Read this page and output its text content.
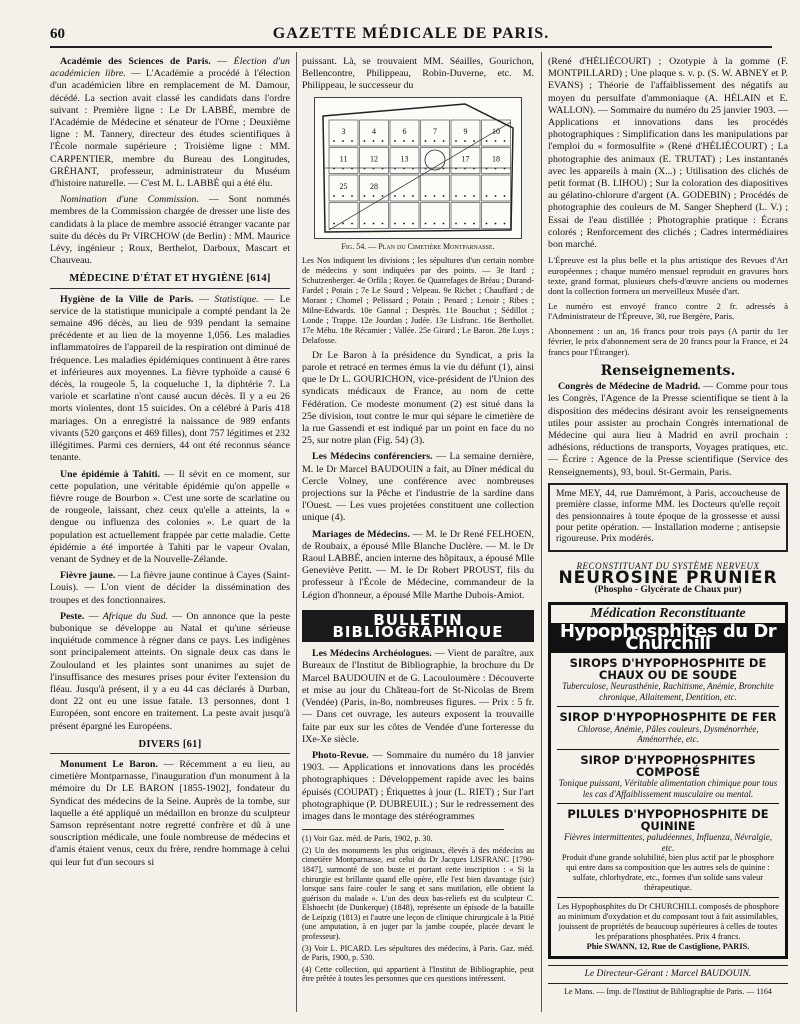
60	GAZETTE MÉDICALE DE PARIS.

Académie des Sciences de Paris. — Élection d'un académicien libre. — L'Académie a procédé à l'élection d'un académicien libre en remplacement de M. Damour, décédé. La section avait classé les candidats dans l'ordre suivant : Première ligne : Le Dr LABBÉ, membre de l'Académie de Médecine et sénateur de l'Orne ; Deuxième ligne : M. Tannery, directeur des études scientifiques à l'École normale supérieure ; Troisième ligne : MM. CARPENTIER, membre du Bureau des Longitudes, GRÉHANT, professeur, administrateur du Muséum d'histoire naturelle. — C'est M. L. LABBÉ qui a été élu.

Nomination d'une Commission. — Sont nommés membres de la Commission chargée de dresser une liste des candidats à la place de membre associé étranger vacante par suite du décès du Pr VIRCHOW (de Berlin) : MM. Maurice Lévy, ingénieur ; Roux, Berthelot, Darboux, Mascart et Chauveau.

MÉDECINE D'ÉTAT ET HYGIÈNE [614]

Hygiène de la Ville de Paris. — Statistique. — Le service de la statistique municipale a compté pendant la 2e semaine 496 décès, au lieu de 939 pendant la semaine précédente et au lieu de la moyenne 1,056. Les maladies inflammatoires de l'appareil de la respiration ont diminué de fréquence. Les maladies épidémiques continuent à être rares et inférieures aux moyennes. La fièvre typhoïde a causé 6 décès, la rougeole 5, la coqueluche 1, la diphtérie 7. La variole et scarlatine n'ont causé aucun décès. Il y a eu 26 morts violentes, dont 15 suicides. On a célébré à Paris 418 mariages. On a enregistré la naissance de 989 enfants vivants (520 garçons et 469 filles), dont 757 légitimes et 232 illégitimes. Parmi ces derniers, 44 ont été reconnus séance tenante.

Une épidémie à Tahiti. — Il sévit en ce moment, sur cette population, une véritable épidémie qu'on appelle « fièvre rouge de Bourbon ». C'est une sorte de scarlatine ou de rougeole, laissant, chez ceux qu'elle a atteints, la « dengue ou influenza des colonies ». Le quart de la population est actuellement frappée par cette maladie. Cette épidémie a été importée à Tahiti par le vapeur Ovalan, venant de Sydney et de la Nouvelle-Zélande.

Fièvre jaune. — La fièvre jaune continue à Cayes (Saint-Louis). — L'on vient de décider la dissémination des troupes et des fonctionnaires.

Peste. — Afrique du Sud. — On annonce que la peste bubonique se développe au Natal et qu'une sérieuse inquiétude commence à régner dans ce pays. Les indigènes sont principalement atteints. On signale deux cas dans le Zoulouland et les plaintes sont unanimes au sujet de l'insuffisance des mesures prises pour éviter l'extension du fléau. Jusqu'à présent, il y a eu 44 cas déclarés à Durban, dont 22 ont eu une issue fatale. 13 personnes, dont 1 Européen, sont encore en traitement. La peste avait jusqu'à présent épargné les Européens.

DIVERS [61]

Monument Le Baron. — Récemment a eu lieu, au cimetière Montparnasse, l'inauguration d'un monument à la mémoire du Dr LE BARON [1855-1902], fondateur du Syndicat des médecins de la Seine. Auprès de la tombe, sur laquelle a été appliqué un médaillon en bronze du sculpteur Samson représentant notre regretté confrère et dû à une souscription médicale, une foule nombreuse de médecins et d'amis étaient venus, ceux du frère, rendre hommage à celui qui leur fut d'un secours si

puissant. Là, se trouvaient MM. Séailles, Gourichon, Bellencontre, Philippeau, Robin-Duverne, etc. M. Philippeau, le successeur du

3	4	6	7	9	10
11	12	13	17	18
25	28
Fig. 54. — Plan du Cimetière Montparnasse.

Les Nos indiquent les divisions ; les sépultures d'un certain nombre de médecins y sont indiquées par des points. — 3e Itard ; Schutzenberger. 4e Orfila ; Royer. 6e Quatrefages de Bréau ; Durand-Fardel ; Potain ; 7e Le Sourd ; Velpeau. 9e Richet ; Chauffard ; de Morant ; Chomel ; Pelissard ; Potain ; Penard ; Lenoir ; Ribes ; Milne-Edwards. 10e Gannal ; Desprès. 11e Bouchut ; Sédillot ; Londe ; Trappe. 12e Jourdan ; Judée. 13e Lisfranc. 16e Berthollet. 17e Méhu. 18e Récamier ; Vallée. 25e Girard ; Le Baron. 28e Luys ; Delafosse.

Dr Le Baron à la présidence du Syndicat, a pris la parole et retracé en termes émus la vie du défunt (1), ainsi que le Dr L. GOURICHON, vice-président de l'Union des syndicats médicaux de France, au nom de cette Fédération. Ce modeste monument (2) est situé dans la 25e division, tout contre le mur qui sépare le cimetière de la rue Gassendi et est indiqué par un point en face du no 25, sur notre plan (Fig. 54) (3).

Les Médecins conférenciers. — La semaine dernière, M. le Dr Marcel BAUDOUIN a fait, au Dîner médical du Cercle Volney, une conférence avec nombreuses projections sur la Pêche et l'industrie de la sardine dans l'Ouest. — Les vues projetées constituent une collection unique (4).

Mariages de Médecins. — M. le Dr René FELHOEN, de Roubaix, a épousé Mlle Blanche Duclère. — M. le Dr Raoul LABBÉ, ancien interne des hôpitaux, a épousé Mlle Geneviève Petitt. — M. le Dr Robert PROUST, fils du professeur à l'École de Médecine, commandeur de la Légion d'honneur, a épousé Mlle Marthe Dubois-Amiot.

BULLETIN BIBLIOGRAPHIQUE

Les Médecins Archéologues. — Vient de paraître, aux Bureaux de l'Institut de Bibliographie, la brochure du Dr Marcel BAUDOUIN et de G. Lacouloumère : Découverte et mise au jour du Château-fort de St-Nicolas de Brem (Vendée) (Paris, in-8o, nombreuses figures. — Prix : 5 fr. — Dans cet ouvrage, les auteurs exposent la trouvaille faite par eux sur les côtes de Vendée d'une forteresse du IXe-Xe siècle.

Photo-Revue. — Sommaire du numéro du 18 janvier 1903. — Applications et innovations dans les procédés photographiques : Développement rapide avec les bains épuisés (COUPAT) ; Étiquettes à jour (L. RIET) ; Sur l'art photographique (P. DUBREUIL) ; Sur le redressement des images dans le montage des stéréogrammes

(1) Voir Gaz. méd. de Paris, 1902, p. 30.

(2) Un des monuments les plus originaux, élevés à des médecins au cimetière Montparnasse, est celui du Dr Jacques LISFRANC [1790-1847], surmonté de son buste et portant cette inscription : « Si la chirurgie est brillante quand elle opère, elle l'est bien davantage (sic) lorsque sans faire couler le sang et sans mutilation, elle obtient la guérison du malade ». L'un des deux bas-reliefs est du sculpteur C. Elshoecht (de Dunkerque) (1848), représente un épisode de la bataille de Leipzig (1813) et l'autre une leçon de clinique chirurgicale à la Pitié (une amputation, à en juger par la jambe coupée, placée devant le professeur).

(3) Voir L. PICARD. Les sépultures des médecins, à Paris. Gaz. méd. de Paris, 1900, p. 530.

(4) Cette collection, qui appartient à l'Institut de Bibliographie, peut être prêtée à toutes les personnes que ces questions intéressent.

(René d'HÉLIÉCOURT) ; Ozotypie à la gomme (F. MONTPILLARD) ; Une plaque s. v. p. (S. W. ABNEY et P. EVANS) ; Théorie de l'affaiblissement des négatifs au moyen du persulfate d'ammoniaque (A. HÉLAIN et E. WALLON). — Sommaire du numéro du 25 janvier 1903. — Applications et innovations dans les procédés photographiques : Simplification dans les manipulations par l'emploi du « formosulfite » (René d'HÉLIÉCOURT) ; La photographie des animaux (E. TRUTAT) ; Les instantanés avec les appareils à main (X...) ; Utilisation des clichés de petit format (B. LIHOU) ; Sur la coloration des diapositives au gélatino-chlorure d'argent (A. GODEBIN) ; Procédés de photographie des couleurs de M. Sanger Shepherd (L. V.) ; Essai de l'eau distillée ; Photographie pratique : Écrans colorés ; Renforcement des clichés ; Cadres intermédiaires bon marché.

L'Épreuve est la plus belle et la plus artistique des Revues d'Art européennes ; chaque numéro mensuel reproduit en gravures hors texte, grand format, plusieurs chefs-d'œuvre anciens ou modernes dont la collection formera un merveilleux Musée d'art.

Le numéro est envoyé franco contre 2 fr. adressés à l'Administrateur de l'Épreuve, 30, rue Bergère, Paris.

Abonnement : un an, 16 francs pour trois pays (A partir du 1er février, le prix d'abonnement sera de 20 francs pour la France, et 24 francs pour l'Étranger).

Renseignements.

Congrès de Médecine de Madrid. — Comme pour tous les Congrès, l'Agence de la Presse scientifique se tient à la disposition des médecins désirant avoir les renseignements utiles pour assister au prochain Congrès international de Médecine qui aura lieu à Madrid en avril prochain : adhésions, réductions de transports, Voyages pratiques, etc. — Écrire : Agence de la Presse scientifique (Service des Renseignements), 93, boul. St-Germain, Paris.

Mme MEY, 44, rue Damrémont, à Paris, accoucheuse de première classe, informe MM. les Docteurs qu'elle reçoit des pensionnaires à toute époque de la grossesse et aussi pour petite opération. — Installation moderne ; antisepsie rigoureuse. Prix modérés.
RECONSTITUANT DU SYSTÈME NERVEUX
NEUROSINE PRUNIER
(Phospho - Glycérate de Chaux pur)
Médication Reconstituante
Hypophosphites du Dr Churchill
SIROPS D'HYPOPHOSPHITE DE CHAUX OU DE SOUDE
Tuberculose, Neurasthénie, Rachitisme, Anémie, Bronchite chronique, Allaitement, Dentition, etc.
SIROP D'HYPOPHOSPHITE DE FER
Chlorose, Anémie, Pâles couleurs, Dysménorrhée, Aménorrhée, etc.
SIROP D'HYPOPHOSPHITES COMPOSÉ
Tonique puissant, Véritable alimentation chimique pour tous les cas d'Affaiblissement musculaire ou mental.
PILULES D'HYPOPHOSPHITE DE QUININE
Fièvres intermittentes, paludéennes, Influenza, Névralgie, etc.
Produit d'une grande solubilité, bien plus actif par le phosphore qui entre dans sa composition que les autres sels de quinine : sulfate, chlorhydrate, etc., formes d'un solide sans valeur thérapeutique.
Les Hypophosphites du Dr CHURCHILL composés de phosphore au minimum d'oxydation et du composant tout à fait assimilables, jouissent de propriétés de beaucoup supérieures à celles de toutes les préparations phosphatées. Prix 4 francs.
Phie SWANN, 12, Rue de Castiglione, PARIS.
Le Directeur-Gérant : Marcel BAUDOUIN.
Le Mans. — Imp. de l'Institut de Bibliographie de Paris. — 1164
